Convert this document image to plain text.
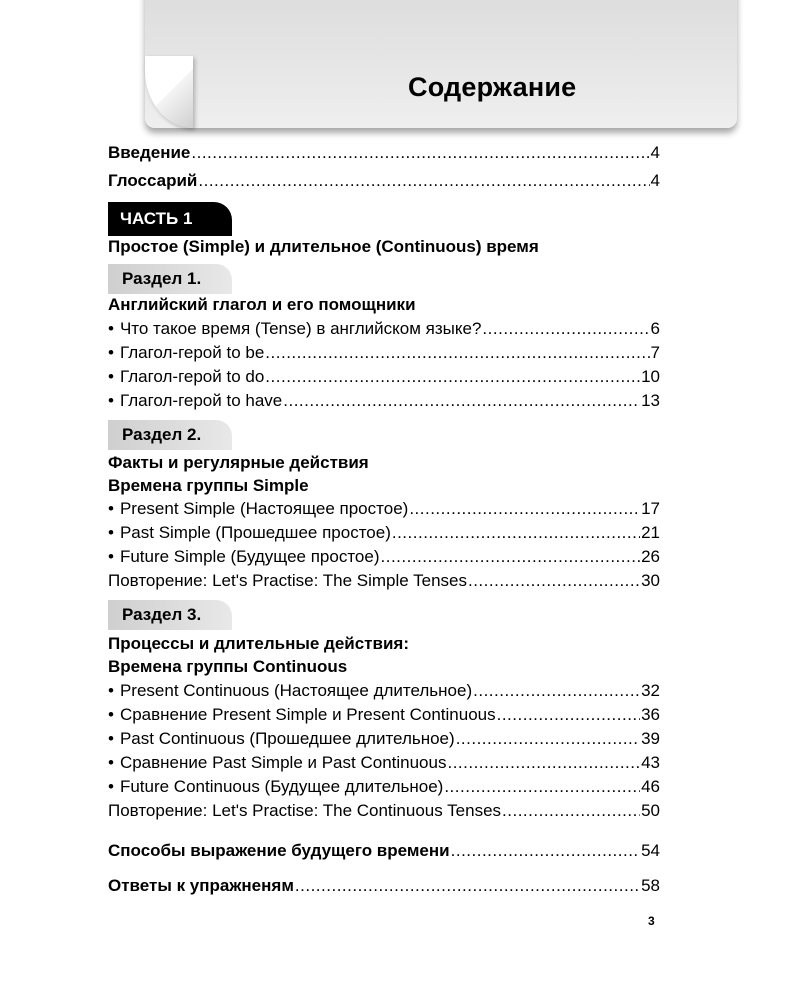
Содержание
Введение .....	4
Глоссарий .....	4
ЧАСТЬ 1
Простое (Simple) и длительное (Continuous) время
Раздел 1.
Английский глагол и его помощники
• Что такое время (Tense) в английском языке? .....	6
• Глагол-герой to be .....	7
• Глагол-герой to do .....	10
• Глагол-герой to have .....	13
Раздел 2.
Факты и регулярные действия
Времена группы Simple
• Present Simple (Настоящее простое) .....	17
• Past Simple (Прошедшее простое) .....	21
• Future Simple (Будущее простое) .....	26
Повторение: Let's Practise: The Simple Tenses .....	30
Раздел 3.
Процессы и длительные действия:
Времена группы Continuous
• Present Continuous (Настоящее длительное) .....	32
• Сравнение Present Simple и Present Continuous .....	36
• Past Continuous (Прошедшее длительное) .....	39
• Сравнение Past Simple и Past Continuous .....	43
• Future Continuous (Будущее длительное) .....	46
Повторение: Let's Practise: The Continuous Tenses .....	50
Способы выражение будущего времени .....	54
Ответы к упражненям .....	58
3
